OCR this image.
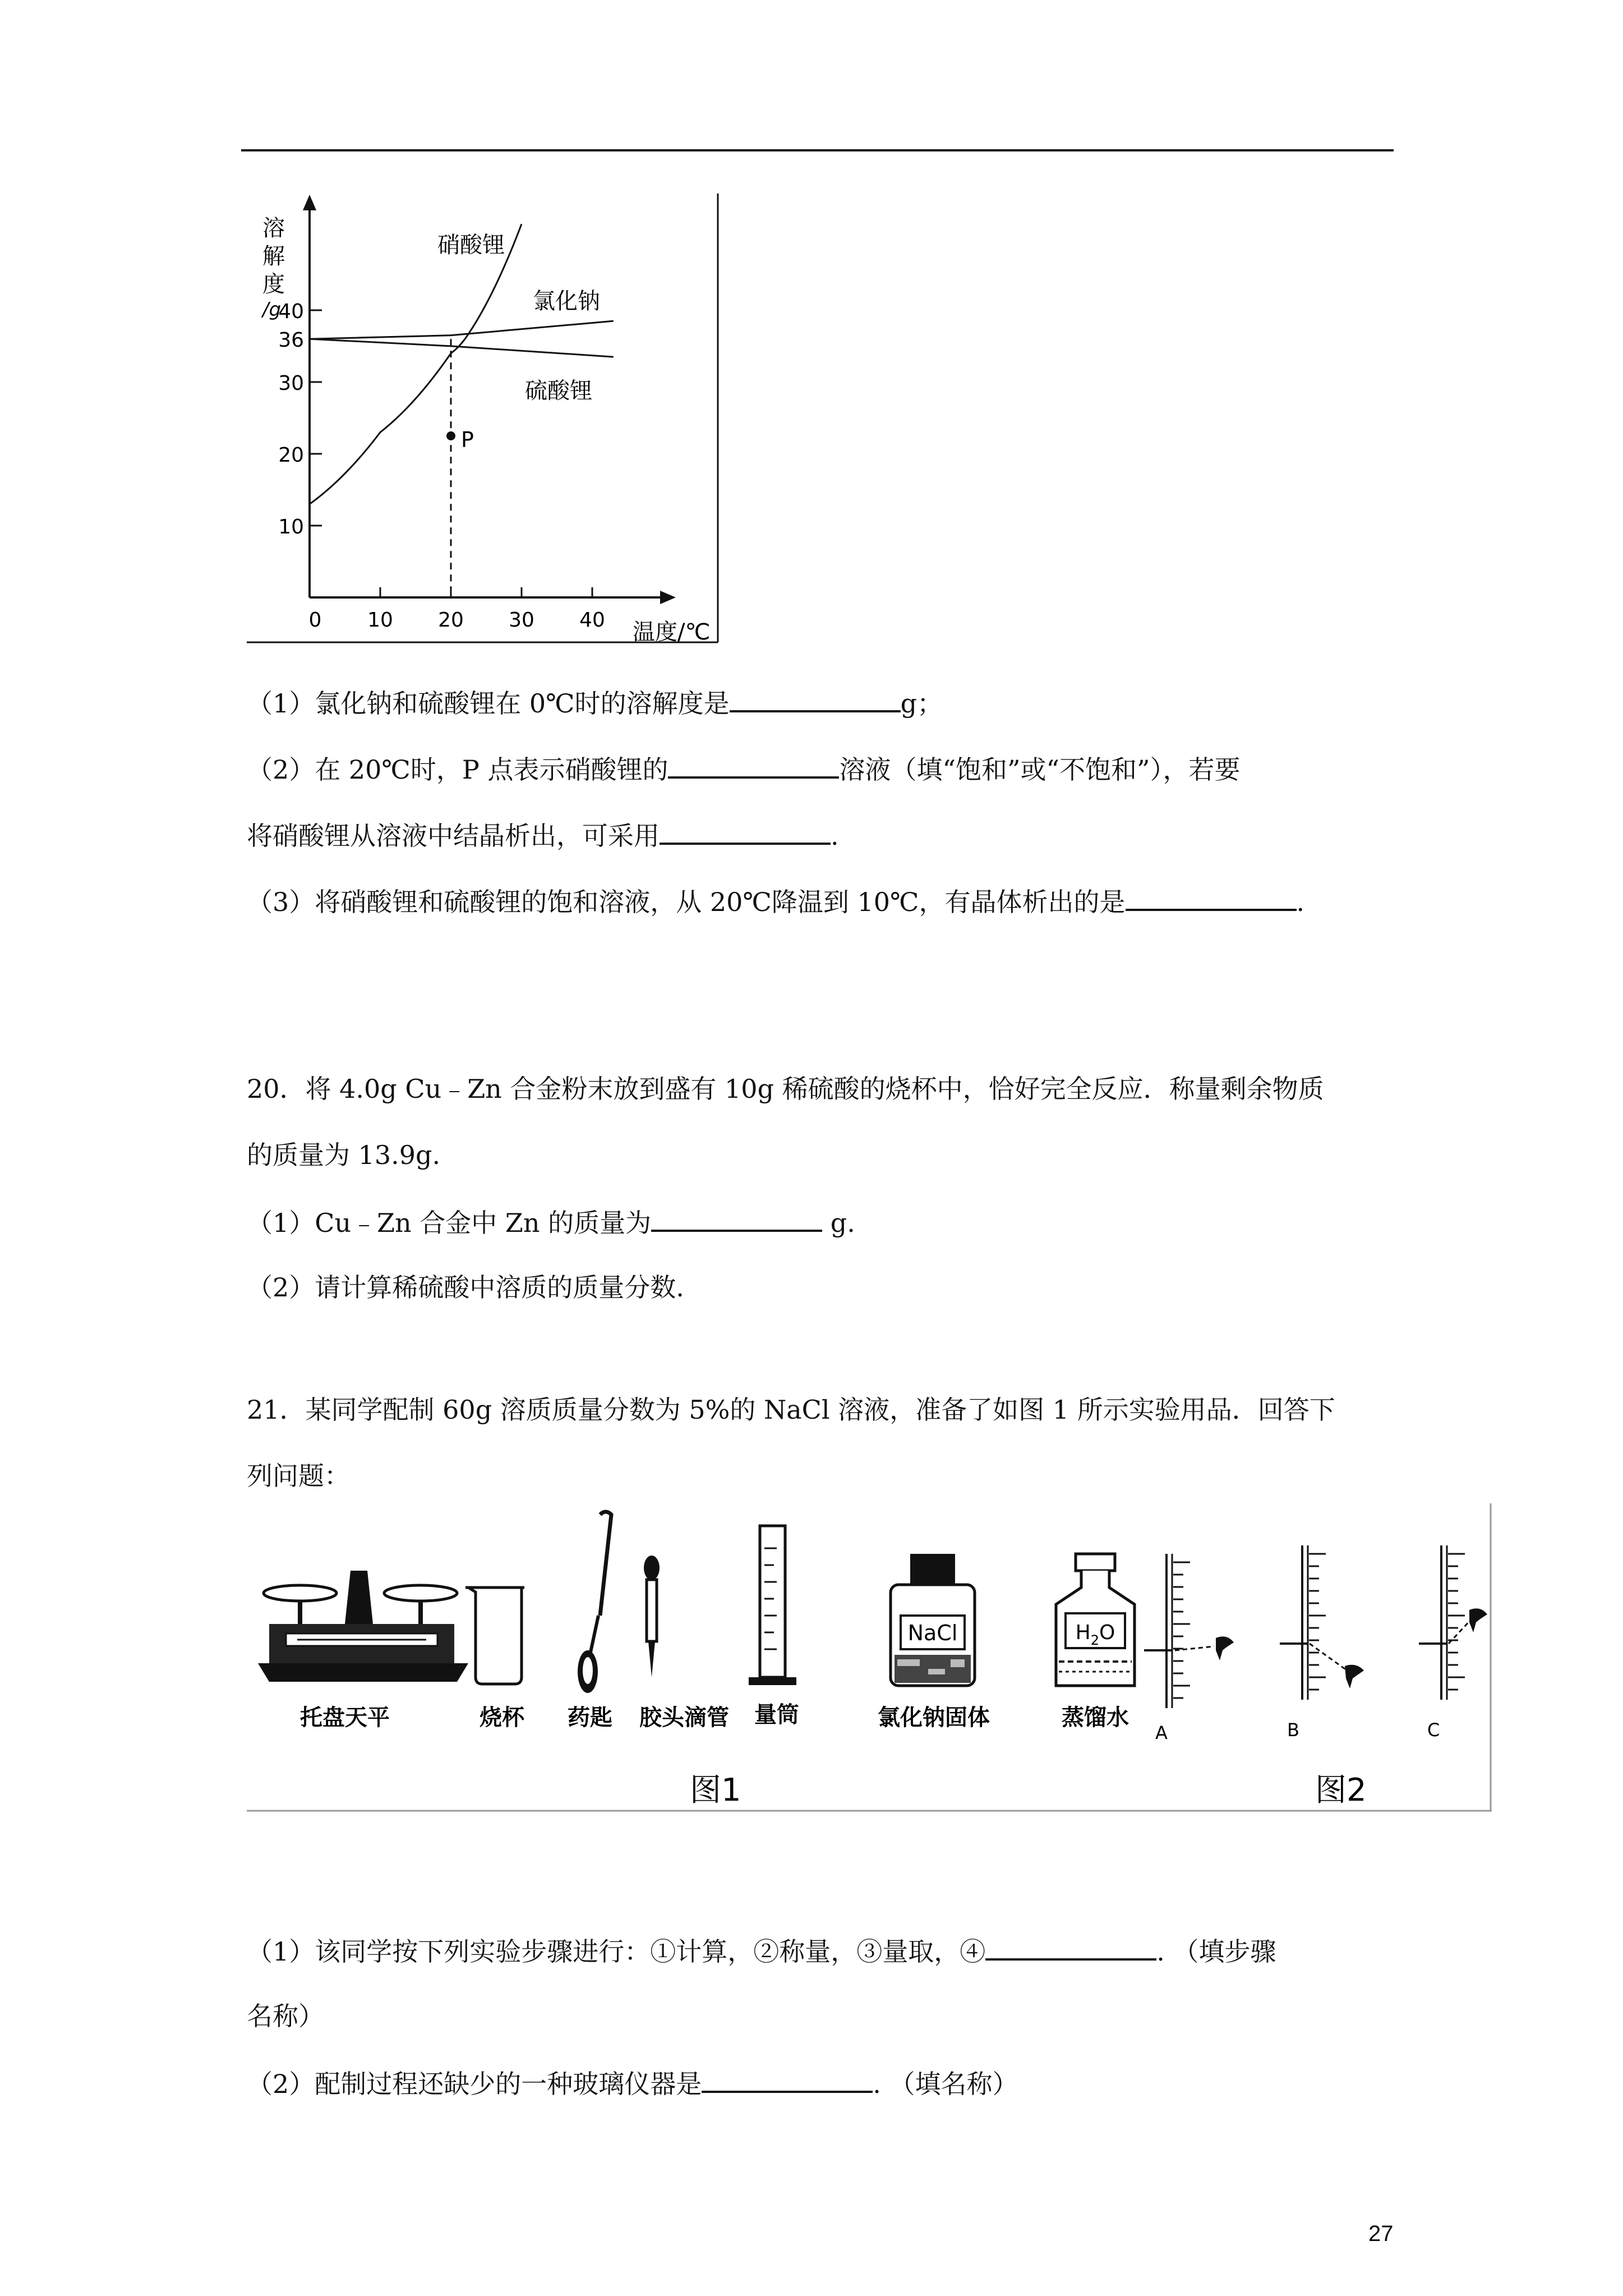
溶
解
度
/g
10
20
30
36
40
0 10 20 30 40 温度/℃
P
硝酸锂
氯化钠
硫酸锂
（1）氯化钠和硫酸锂在 0℃时的溶解度是	g；
（2）在 20℃时，P 点表示硝酸锂的	溶液（填“饱和”或“不饱和”），若要
将硝酸锂从溶液中结晶析出，可采用	.
（3）将硝酸锂和硫酸锂的饱和溶液，从 20℃降温到 10℃，有晶体析出的是	.
20．将 4.0g Cu﹣Zn 合金粉末放到盛有 10g 稀硫酸的烧杯中，恰好完全反应．称量剩余物质
的质量为 13.9g.
（1）Cu﹣Zn 合金中 Zn 的质量为	g.
（2）请计算稀硫酸中溶质的质量分数.
21．某同学配制 60g 溶质质量分数为 5%的 NaCl 溶液，准备了如图 1 所示实验用品．回答下
列问题：
NaCl	$H_2O$
托盘天平	烧杯 药匙 胶头滴管 量筒	氯化钠固体	蒸馏水
A	B	C
图1	图2
（1）该同学按下列实验步骤进行：①计算，②称量，③量取，④	. （填步骤
名称）
（2）配制过程还缺少的一种玻璃仪器是	. （填名称）
27
